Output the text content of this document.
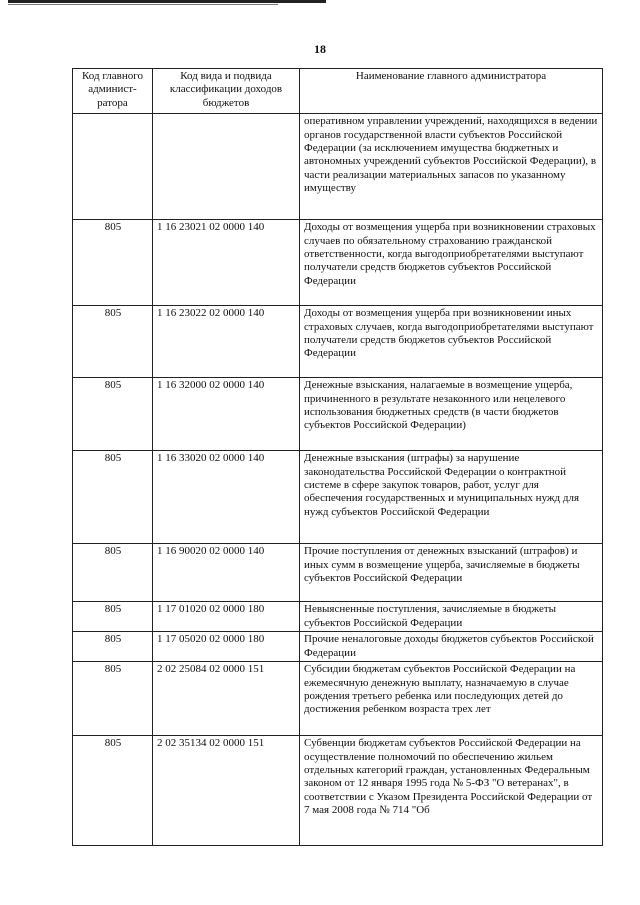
18
Код главного админист-ратора	Код вида и подвида классификации доходов бюджетов	Наименование главного администратора
		оперативном управлении учреждений, находящихся в ведении органов государственной власти субъектов Российской Федерации (за исключением имущества бюджетных и автономных учреждений субъектов Российской Федерации), в части реализации материальных запасов по указанному имуществу
805	1 16 23021 02 0000 140	Доходы от возмещения ущерба при возникновении страховых случаев по обязательному страхованию гражданской ответственности, когда выгодоприобретателями выступают получатели средств бюджетов субъектов Российской Федерации
805	1 16 23022 02 0000 140	Доходы от возмещения ущерба при возникновении иных страховых случаев, когда выгодоприобретателями выступают получатели средств бюджетов субъектов Российской Федерации
805	1 16 32000 02 0000 140	Денежные взыскания, налагаемые в возмещение ущерба, причиненного в результате незаконного или нецелевого использования бюджетных средств (в части бюджетов субъектов Российской Федерации)
805	1 16 33020 02 0000 140	Денежные взыскания (штрафы) за нарушение законодательства Российской Федерации о контрактной системе в сфере закупок товаров, работ, услуг для обеспечения государственных и муниципальных нужд для нужд субъектов Российской Федерации
805	1 16 90020 02 0000 140	Прочие поступления от денежных взысканий (штрафов) и иных сумм в возмещение ущерба, зачисляемые в бюджеты субъектов Российской Федерации
805	1 17 01020 02 0000 180	Невыясненные поступления, зачисляемые в бюджеты субъектов Российской Федерации
805	1 17 05020 02 0000 180	Прочие неналоговые доходы бюджетов субъектов Российской Федерации
805	2 02 25084 02 0000 151	Субсидии бюджетам субъектов Российской Федерации на ежемесячную денежную выплату, назначаемую в случае рождения третьего ребенка или последующих детей до достижения ребенком возраста трех лет
805	2 02 35134 02 0000 151	Субвенции бюджетам субъектов Российской Федерации на осуществление полномочий по обеспечению жильем отдельных категорий граждан, установленных Федеральным законом от 12 января 1995 года № 5-ФЗ "О ветеранах", в соответствии с Указом Президента Российской Федерации от 7 мая 2008 года № 714 "Об
